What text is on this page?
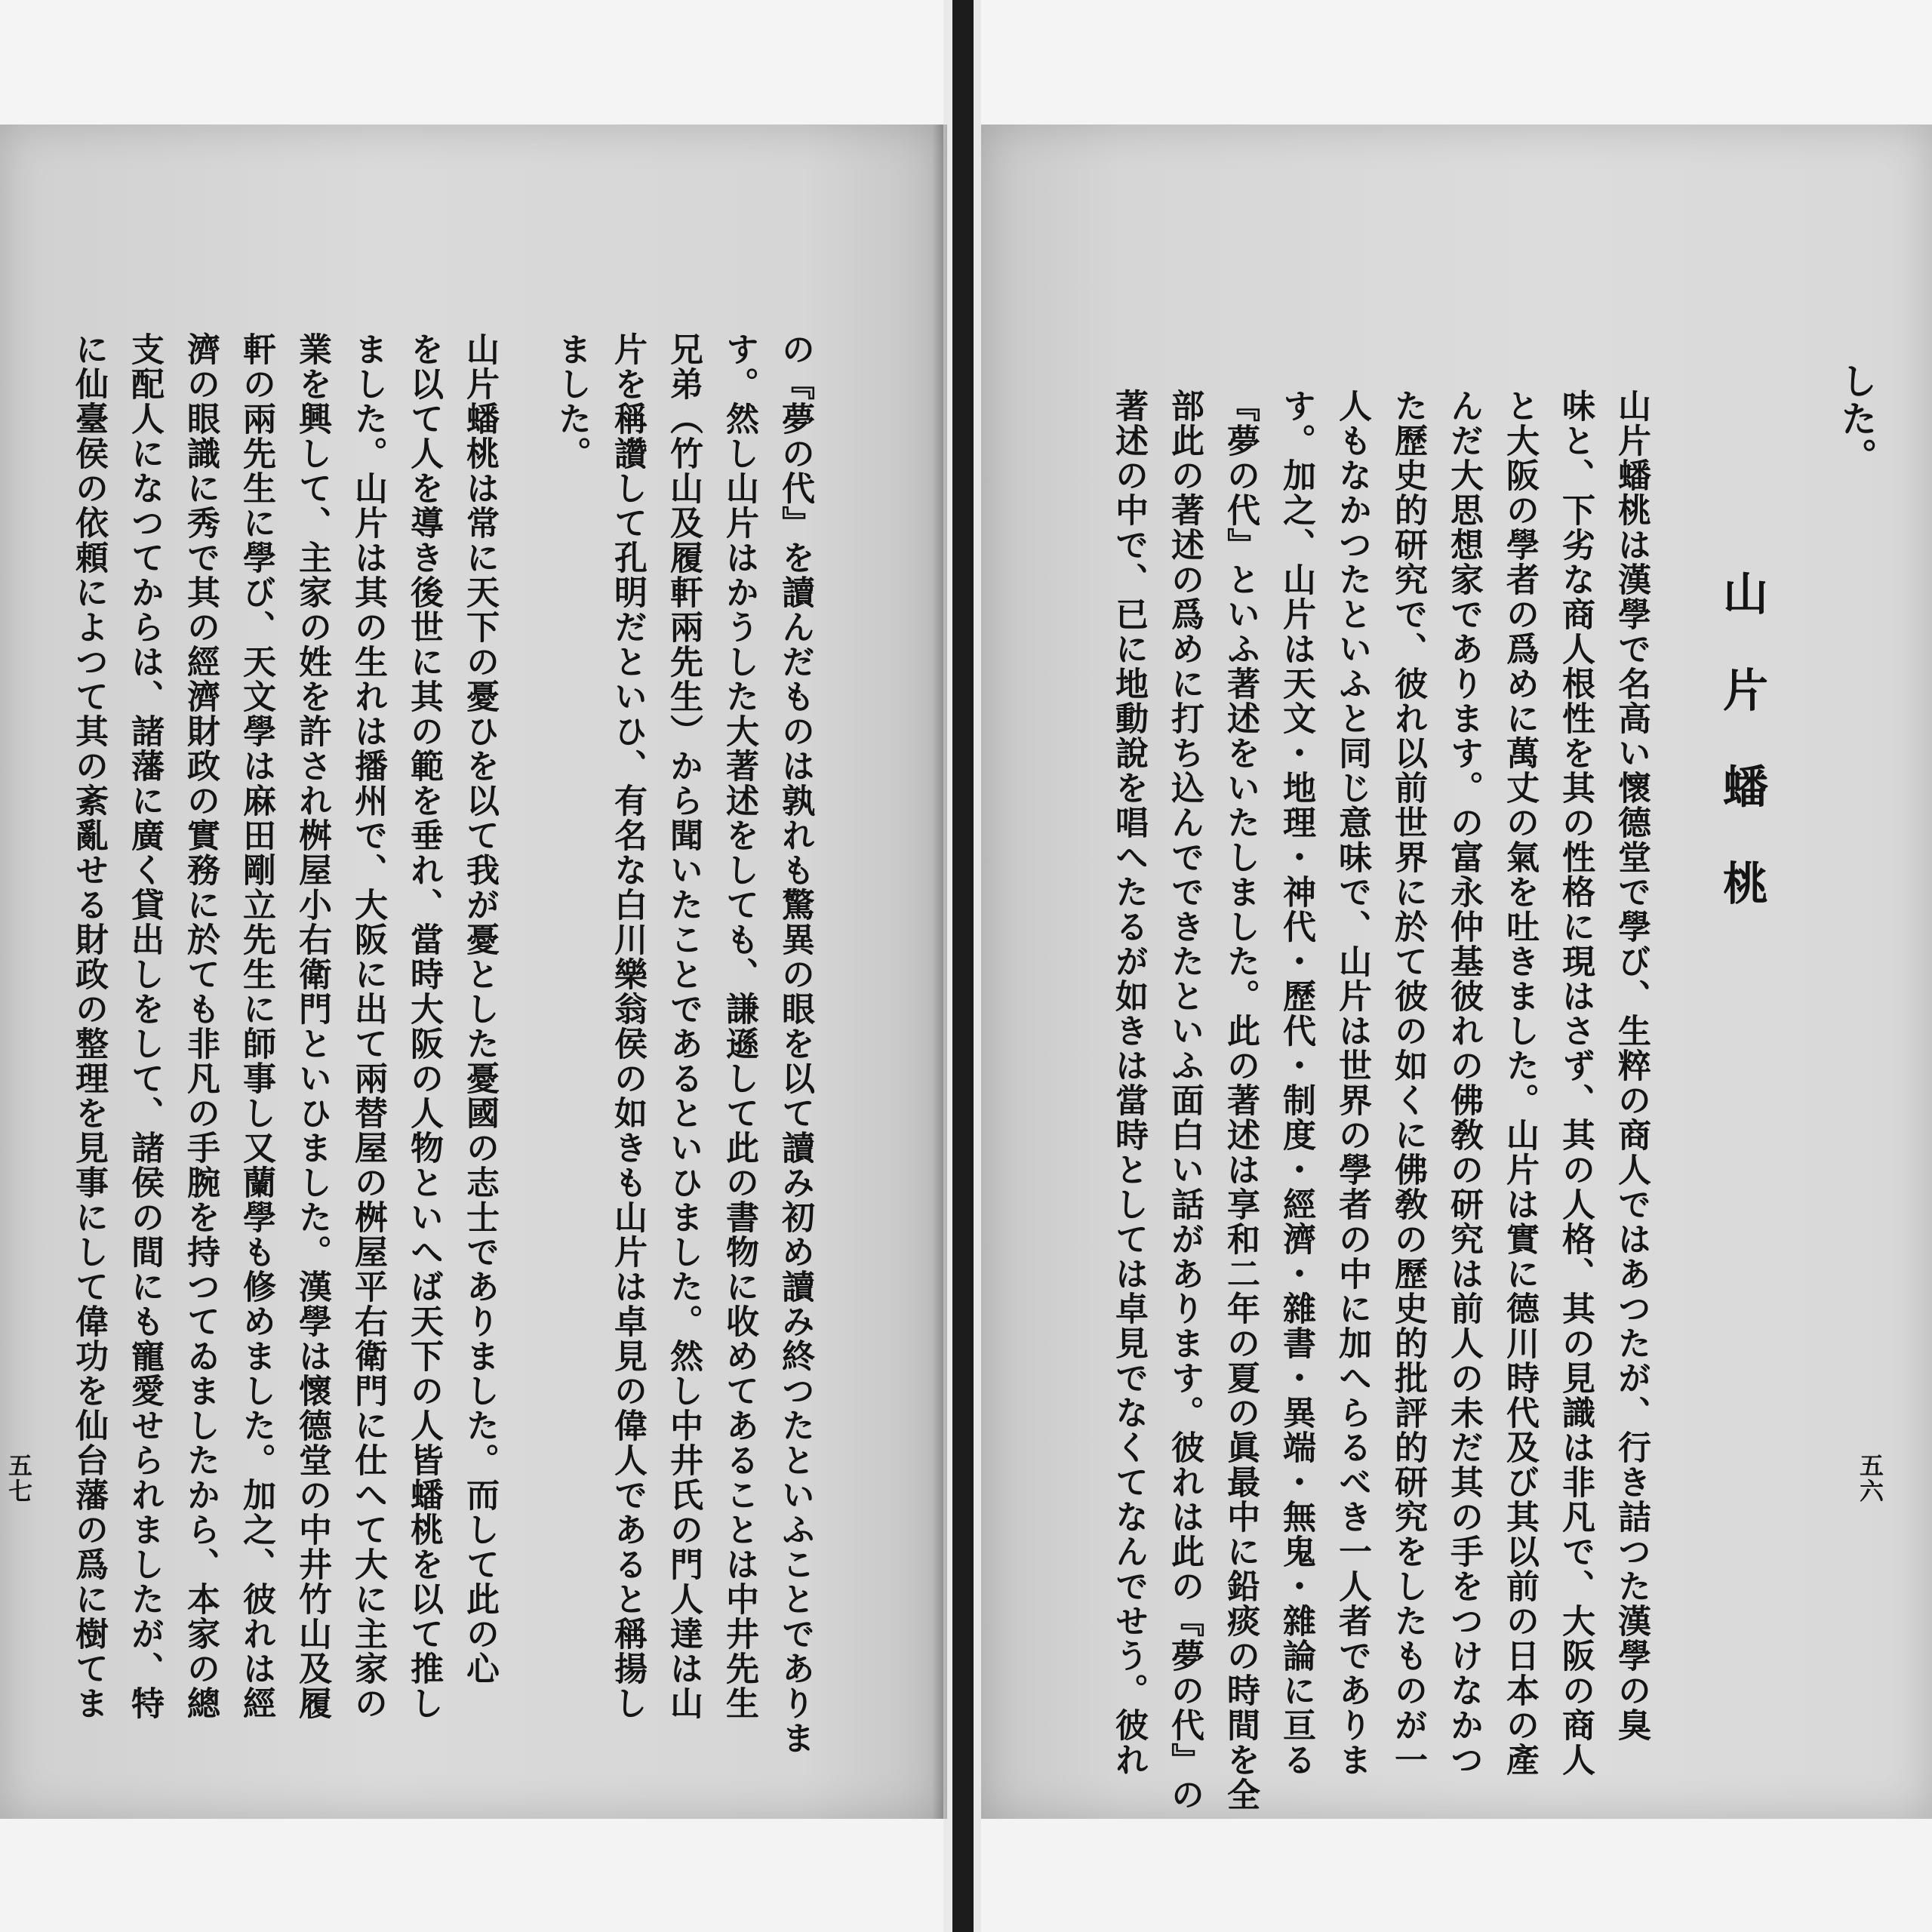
した。
山片蟠桃
五六

山片蟠桃は漢學で名高い懷德堂で學び、生粹の商人ではあつたが、行き詰つた漢學の臭

味と、下劣な商人根性を其の性格に現はさず、其の人格、其の見識は非凡で、大阪の商人

と大阪の學者の爲めに萬丈の氣を吐きました。山片は實に德川時代及び其以前の日本の產

んだ大思想家であります。の富永仲基彼れの佛敎の研究は前人の未だ其の手をつけなかつ

た歷史的研究で、彼れ以前世界に於て彼の如くに佛敎の歷史的批評的研究をしたものが一

人もなかつたといふと同じ意味で、山片は世界の學者の中に加へらるべき一人者でありま

す。加之、山片は天文・地理・神代・歷代・制度・經濟・雜書・異端・無鬼・雜論に亘る

『夢の代』といふ著述をいたしました。此の著述は享和二年の夏の眞最中に鉛痰の時間を全

部此の著述の爲めに打ち込んでできたといふ面白い話があります。彼れは此の『夢の代』の

著述の中で、已に地動說を唱へたるが如きは當時としては卓見でなくてなんでせう。彼れ

の『夢の代』を讀んだものは孰れも驚異の眼を以て讀み初め讀み終つたといふことでありま

す。然し山片はかうした大著述をしても、謙遜して此の書物に收めてあることは中井先生

兄弟（竹山及履軒兩先生）から聞いたことであるといひました。然し中井氏の門人達は山

片を稱讚して孔明だといひ、有名な白川樂翁侯の如きも山片は卓見の偉人であると稱揚し

ました。

山片蟠桃は常に天下の憂ひを以て我が憂とした憂國の志士でありました。而して此の心

を以て人を導き後世に其の範を垂れ、當時大阪の人物といへば天下の人皆蟠桃を以て推し

ました。山片は其の生れは播州で、大阪に出て兩替屋の桝屋平右衛門に仕へて大に主家の

業を興して、主家の姓を許され桝屋小右衛門といひました。漢學は懷德堂の中井竹山及履

軒の兩先生に學び、天文學は麻田剛立先生に師事し又蘭學も修めました。加之、彼れは經

濟の眼識に秀で其の經濟財政の實務に於ても非凡の手腕を持つてゐましたから、本家の總

支配人になつてからは、諸藩に廣く貸出しをして、諸侯の間にも寵愛せられましたが、特

に仙臺侯の依頼によつて其の紊亂せる財政の整理を見事にして偉功を仙台藩の爲に樹てま

五七
